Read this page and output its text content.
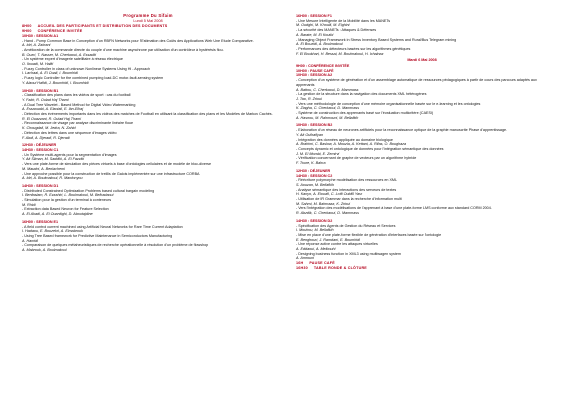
Programme Du Sifaim
Lundi 5 Mai 2008
8H00 ACCUEIL DES PARTICIPANTS ET DISTRIBUTION DES DOCUMENTS
9H00 CONFÉRENCE INVITÉE
10H30 : SESSION A1
- Hand - Pump Common Base in Conception d'un RBFN Networks pour l'Estimation des Coûts des Applications Web Une Etude Comparative.
A. Idri, A. Zakrani
- Amélioration de la commande directe du couple d'une machine asynchrone par utilisation d'un contrôleur à hystérésis flou.
B. Ouzri, T. Nasser, M. Cherkaoui, A. Essadki
- Un système expert d'imagerie satellitaire à réseau électrique
O. Ilouadi, M. Haliti
- Fuzzy Controller in class of unknown Nonlinear Systems Using Hi - Approach
I. Lachaal, A. El Ouali, I. Boumhidi
- Fuzzy logic Controller for the combined pumping load-DC motor-fault-sensing system
Y. Alaoui Hafidi, J. Boumhidi, I. Boumhidi
10H30 : SESSION B1
- Classification des plans dans les vidéos de sport : cas du football
Y. Fakir, R. Oulad Haj Thami
- A Dual Tree Wavelet - Based Method for Digital Video Watermarking
A. Essaouabi, A. Elaoiali, E. Ibn-Elhaj
- Détection des événements importants dans les vidéos des matches de Football en utilisant la classification des plans et les Modèles de Markov Cachés.
R. El Ouazzani, R. Oulad Haj Thami
- Reconnaissance de visage par analyse discriminante linéaire floue
K. Chougdali, M. Jedra, N. Zahid
- Détection des lettres dans une séquence d'images vidéo
F. Abdi, A. Djeradi, R. Djeradi
12H30 : DÉJEUNER
14H30 : SESSION C1
- Un Système multi-agents pour la segmentation d'images
Y. Ait Sliman, M. Saddiki, A. El Fazziki
- Vers une plate-forme de simulation des pièces virtuels à base d'ontologies cellulaires et de modèle de bloc-diverse
M. Maudni, A. Benlachemi
- Une approche possible pour la construction de treillis de Galois implémentée sur une infrastructure CORBA
A. Idri, A. Boulmakoul, R. Mardonyou
14H30 : SESSION D1
- Distributed Constrained Optimization Problems based cultural bargain modeling
I. Benfaslam, R. Ezzahiri, L. Boulmakoul, M. Belhadaoui
- Simulation pour la gestion d'un terminal à conteneurs
M. Rhidi
- Extraction data Based Neuron for Feature Selection
A. El Akadi, A. El Ouardighi, D. Aboutajdine
16H00 : SESSION E1
- A field control current machined using Artificial Neural Networks for Rare Time Current Adaptation
I. Hadaou, E. Bouzekri, A. Elmabrouk
- Using Tree Based framework for Predictive Maintenance in Semiconductors Manufacturing
A. Hamidi
- Comparaison de quelques métaheuristiques de recherche opérationnelle à résolution d'un problème de flowshop
A. Mabrouk, A. Boulmakoul
16H00 : SESSION F1
- Une Mesure Intelligente de la Mobilité dans les MANETs
M. Oudghi, M. Khouili, M. Elghini
- La sécurité des MANETs : Attaques & Défenses
A. Barate, M. El Koutbi
- Managing Object Framework in Stress Inventory Based Systems and Rural/Bus Telegram mining
A. El Bouzidi, A. Boulmakoul
- Performances des détecteurs basées sur les algorithmes génétiques
F. El Boukhari, H. Bessai, M. Boulmakoul, H. Ichalnaz
Mardi 6 Mai 2008
9H00 : CONFÉRENCE INVITÉE
10H00 : PAUSE CAFÉ
10H30 : SESSION A2
- Conception d'un système de génération et d'un assemblage automatique de ressources pédagogiques à partir de cours des parcours adaptés aux apprenants
A. Battou, C. Cherkaoui, D. Mammass
- La gestion de la structure dans la navigation des documents XML hétérogènes
J. Tao, R. Zrioui
- Vers une méthodologie de conception d'une mémoire organisationnelle basée sur le e-learning et les ontologies
K. Ziagha, C. Cherkaoui, D. Mammass
- Systéme de construction des apprenants basé sur l'évaluation multicritère (CAESI)
A. Hasnou, M. Rahmouni, M. Bellafkih
10H30 : SESSION B2
- Elaboration d'un réseau de neurones artificiels pour la reconnaissance optique de la graphie manuscrite Phase d'apprentissage.
Y. Ait Oulhafiyan
- Intégration des données appliquée au domaine biologique
A. Brahimi, C. Baslow, A. Mouzia, A. Kettani, A. Rifas, O. Boughaza
- Concepts dynamic et ontologique de données pour l'intégration sémantique des données
J. M. El Morabi, E. Zemirvi
- Vérification concernant de graphe de vecteurs par un algorithme hybride
F. Toure, K. Bahra
12H30 : DÉJEUNER
14H30 : SESSION C2
- Réécriture polymorphe modélisation des ressources en XML
S. Aouzan, M. Bellafkih
- Analyse sémantique des interactions des serveurs de textes
H. Kanyo, A. Elouafi, C. Lotfi Ouldill Yasr
- Utilisation de IR Grammar dans la recherche d'information multi
M. Sahmi, M. Bahmaaz, K. Zrioui
- Vers l'intégration des modélisations de l'apprenant à base d'une plate-forme LMS conforme aux standard CORM 2004.
R. Abzdik, C. Cherkaoui, D. Mammass
14H30 : SESSION D2
- Spécification des Agents de Gestion du Réseau et Services
I. Mouhou, M. Bellafkih
- Mise en place d'une plate-forme flexible de génération d'interfaces basée sur l'ontologie
E. Benghouri, J. Ramdani, E. Boumhidi
- Une réponse active contre les attaques virtuelles
A. Eddaoui, A. Melbouhi
- Designing business function in XML3 using multiwagen system
A. Amrouni
16H PAUSE CAFÉ
16H30 TABLE RONDE & CLÔTURE
